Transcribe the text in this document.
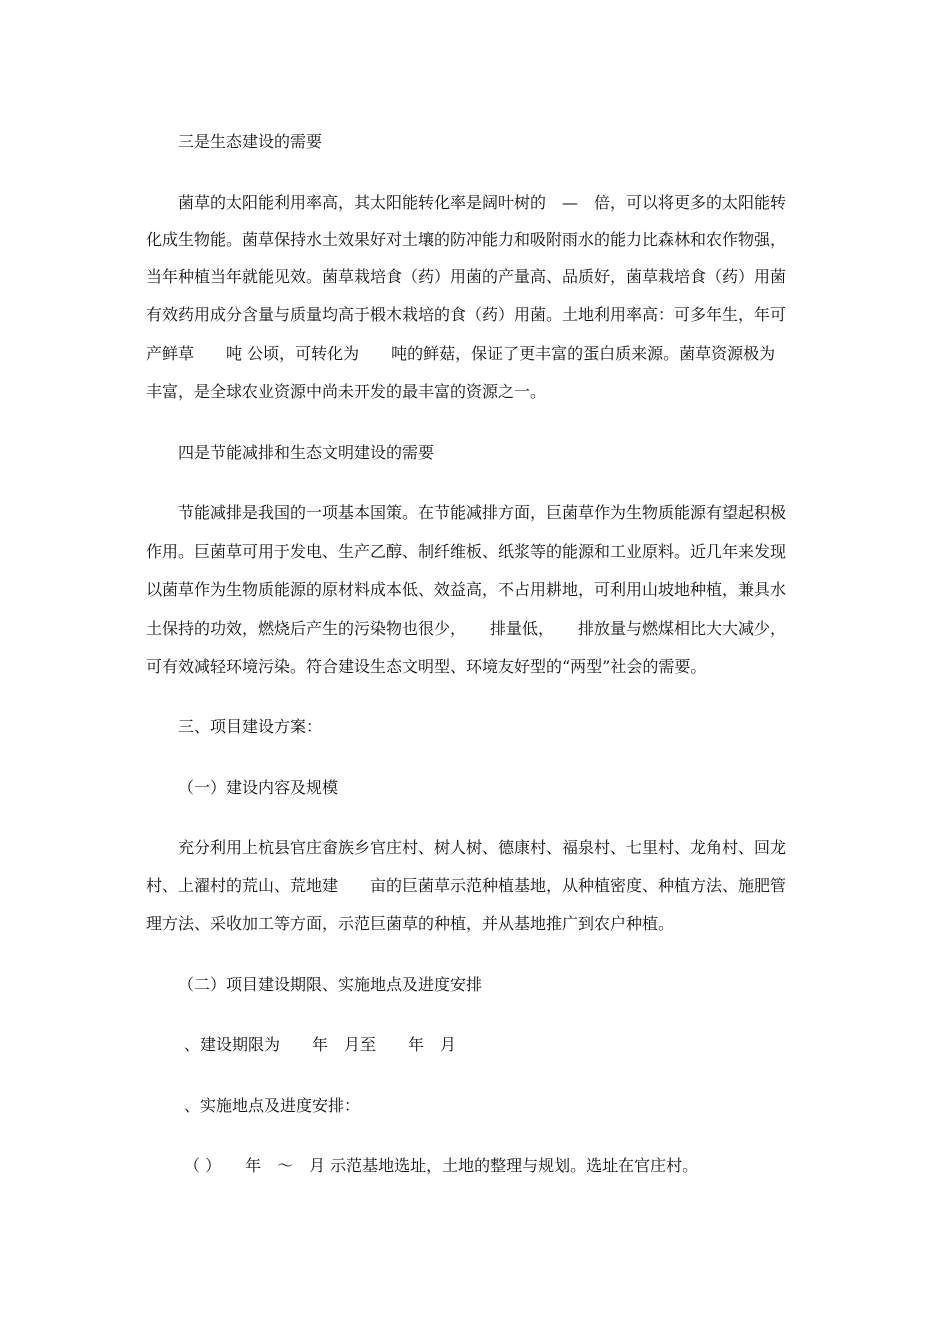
三是生态建设的需要

菌草的太阳能利用率高，其太阳能转化率是阔叶树的　—　倍，可以将更多的太阳能转

化成生物能。菌草保持水土效果好对土壤的防冲能力和吸附雨水的能力比森林和农作物强，

当年种植当年就能见效。菌草栽培食（药）用菌的产量高、品质好，菌草栽培食（药）用菌

有效药用成分含量与质量均高于椴木栽培的食（药）用菌。土地利用率高：可多年生，年可

产鲜草　　吨 公顷，可转化为　　吨的鲜菇，保证了更丰富的蛋白质来源。菌草资源极为

丰富，是全球农业资源中尚未开发的最丰富的资源之一。

四是节能减排和生态文明建设的需要

节能减排是我国的一项基本国策。在节能减排方面，巨菌草作为生物质能源有望起积极

作用。巨菌草可用于发电、生产乙醇、制纤维板、纸浆等的能源和工业原料。近几年来发现

以菌草作为生物质能源的原材料成本低、效益高，不占用耕地，可利用山坡地种植，兼具水

土保持的功效，燃烧后产生的污染物也很少，　　排量低，　　排放量与燃煤相比大大减少，

可有效减轻环境污染。符合建设生态文明型、环境友好型的“两型”社会的需要。

三、项目建设方案：

（一）建设内容及规模

充分利用上杭县官庄畲族乡官庄村、树人树、德康村、福泉村、七里村、龙角村、回龙

村、上濯村的荒山、荒地建　　亩的巨菌草示范种植基地，从种植密度、种植方法、施肥管

理方法、采收加工等方面，示范巨菌草的种植，并从基地推广到农户种植。

（二）项目建设期限、实施地点及进度安排

、建设期限为　　年　月至　　年　月

、实施地点及进度安排：

（ ）　　年　～　月 示范基地选址，土地的整理与规划。选址在官庄村。
